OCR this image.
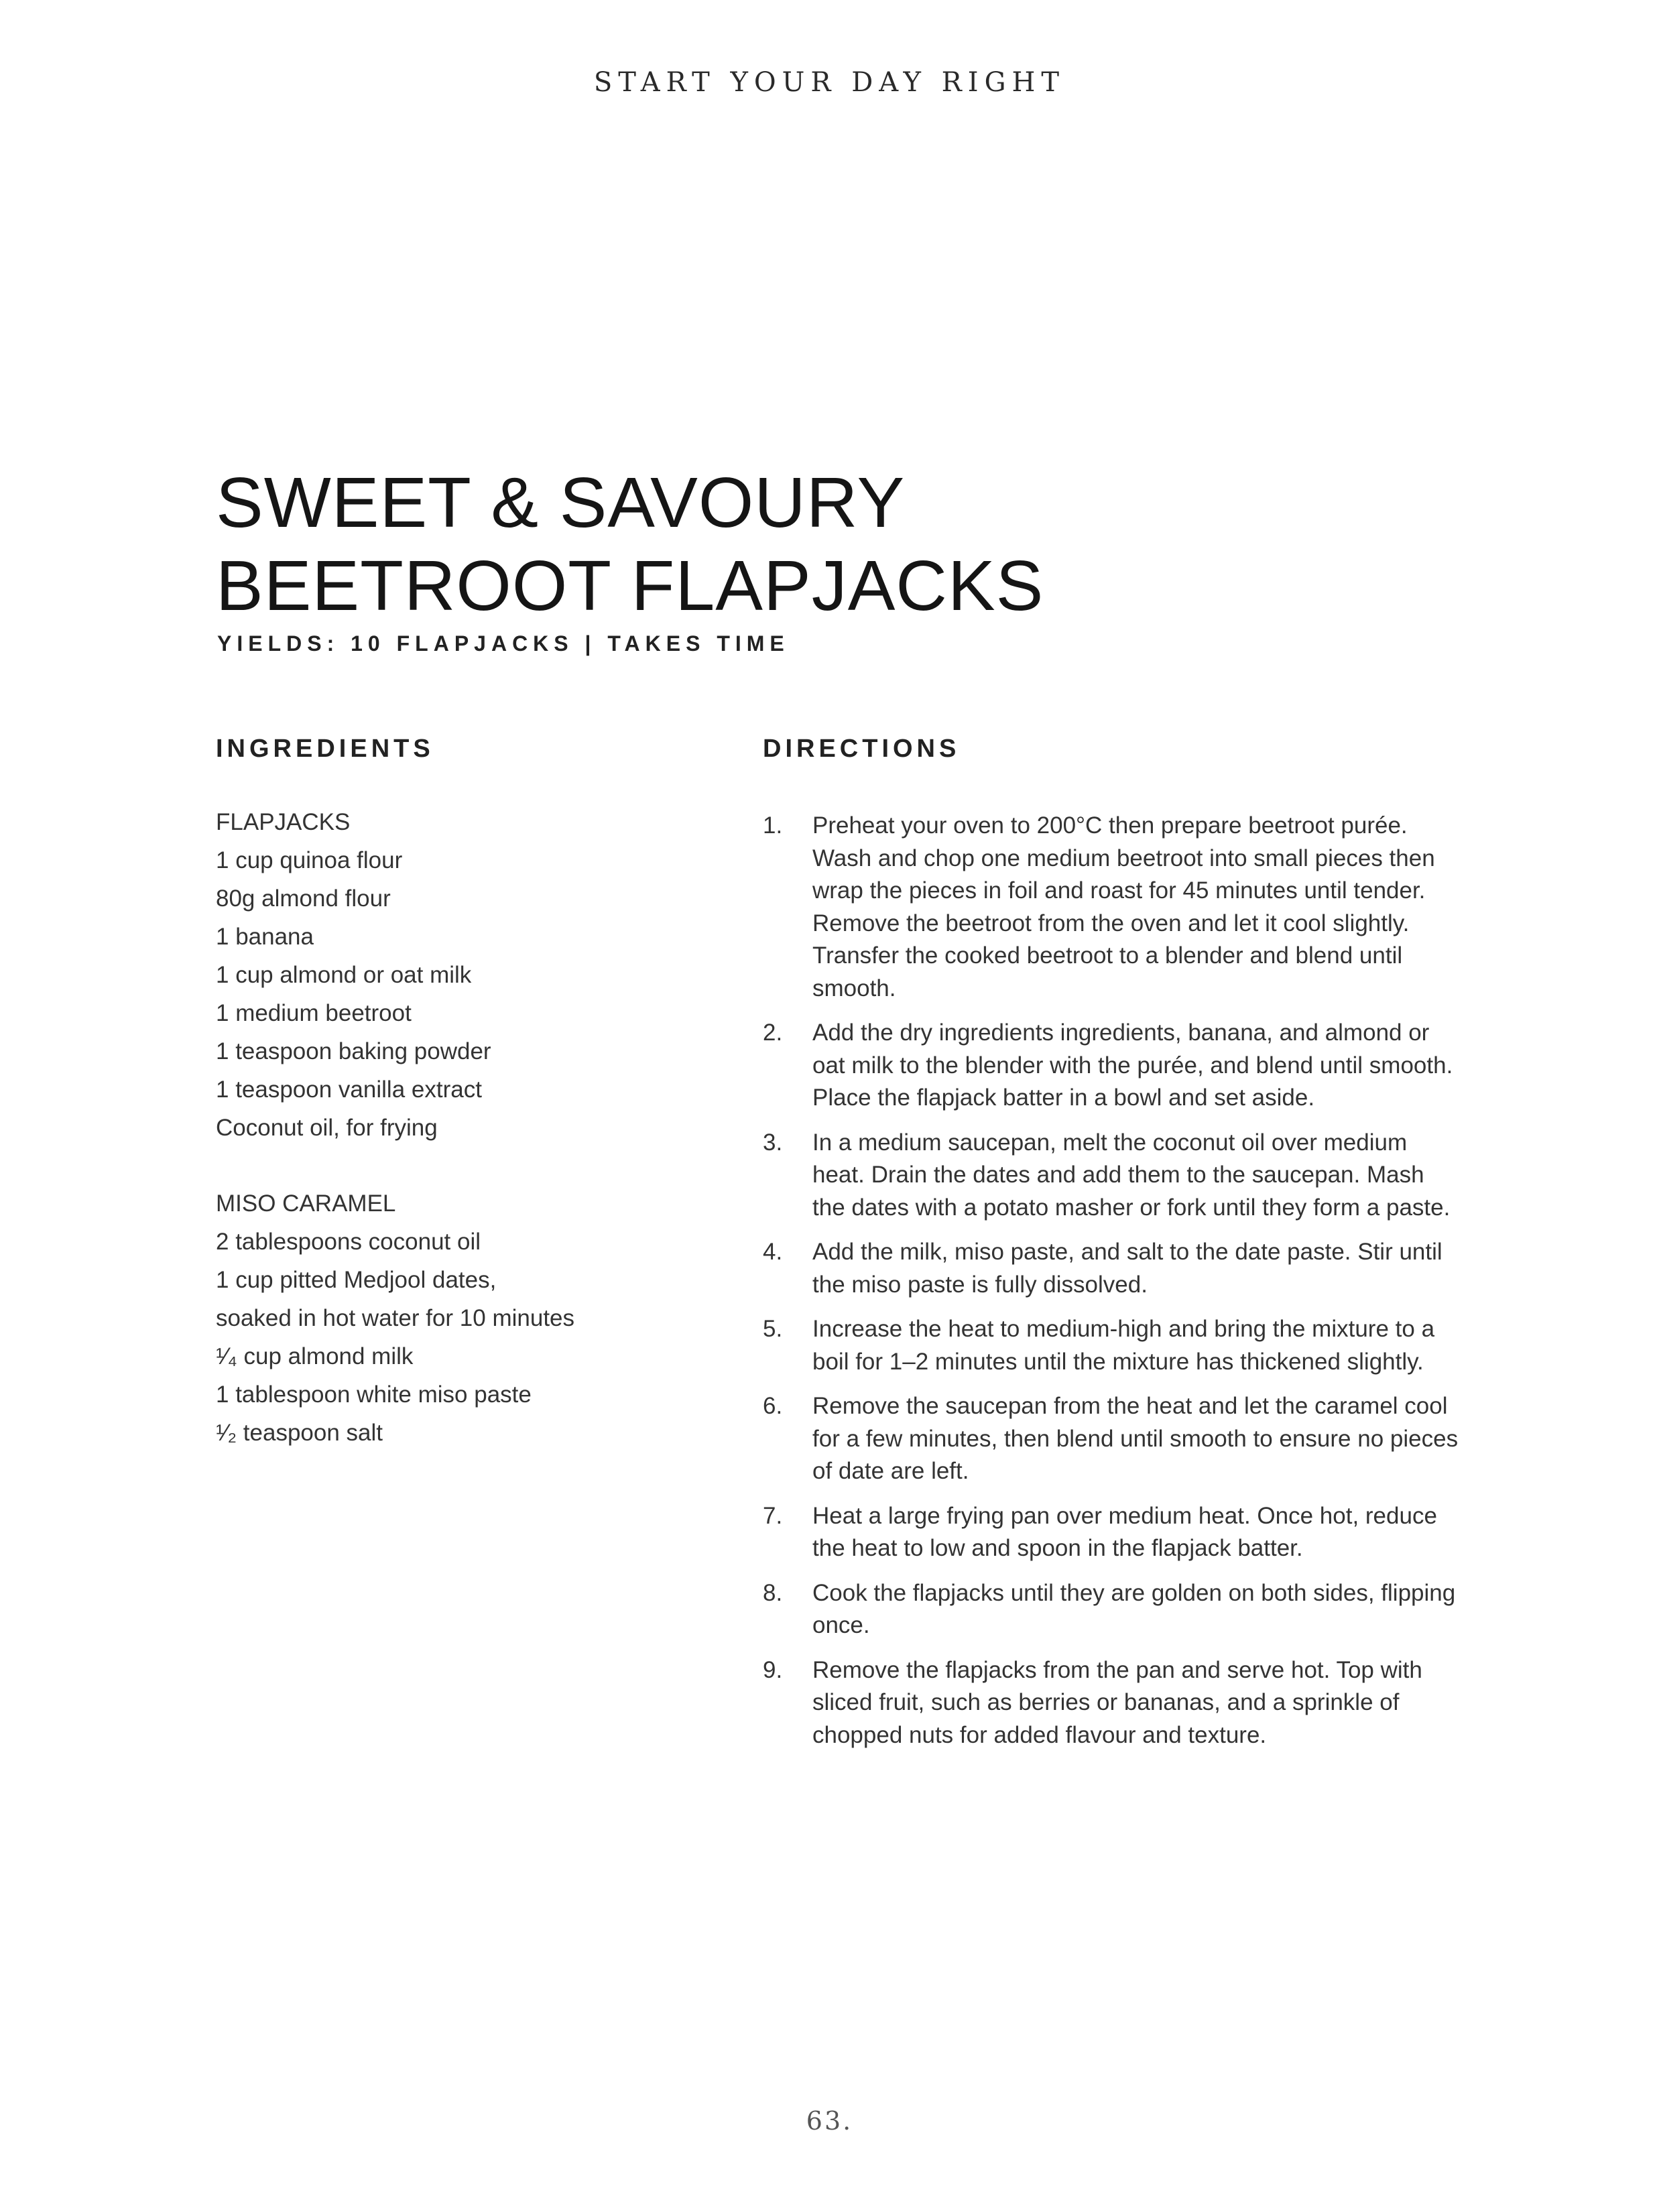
START YOUR DAY RIGHT
SWEET & SAVOURY
BEETROOT FLAPJACKS
YIELDS: 10 FLAPJACKS | TAKES TIME
INGREDIENTS	DIRECTIONS
FLAPJACKS
1 cup quinoa flour
80g almond flour
1 banana
1 cup almond or oat milk
1 medium beetroot
1 teaspoon baking powder
1 teaspoon vanilla extract
Coconut oil, for frying
MISO CARAMEL
2 tablespoons coconut oil
1 cup pitted Medjool dates,
soaked in hot water for 10 minutes
¹⁄₄ cup almond milk
1 tablespoon white miso paste
¹⁄₂ teaspoon salt
1.	Preheat your oven to 200°C then prepare beetroot purée. Wash and chop one medium beetroot into small pieces then wrap the pieces in foil and roast for 45 minutes until tender. Remove the beetroot from the oven and let it cool slightly. Transfer the cooked beetroot to a blender and blend until smooth.
2.	Add the dry ingredients ingredients, banana, and almond or oat milk to the blender with the purée, and blend until smooth. Place the flapjack batter in a bowl and set aside.
3.	In a medium saucepan, melt the coconut oil over medium heat. Drain the dates and add them to the saucepan. Mash the dates with a potato masher or fork until they form a paste.
4.	Add the milk, miso paste, and salt to the date paste. Stir until the miso paste is fully dissolved.
5.	Increase the heat to medium-high and bring the mixture to a boil for 1–2 minutes until the mixture has thickened slightly.
6.	Remove the saucepan from the heat and let the caramel cool for a few minutes, then blend until smooth to ensure no pieces of date are left.
7.	Heat a large frying pan over medium heat. Once hot, reduce the heat to low and spoon in the flapjack batter.
8.	Cook the flapjacks until they are golden on both sides, flipping once.
9.	Remove the flapjacks from the pan and serve hot. Top with sliced fruit, such as berries or bananas, and a sprinkle of chopped nuts for added flavour and texture.
63.
